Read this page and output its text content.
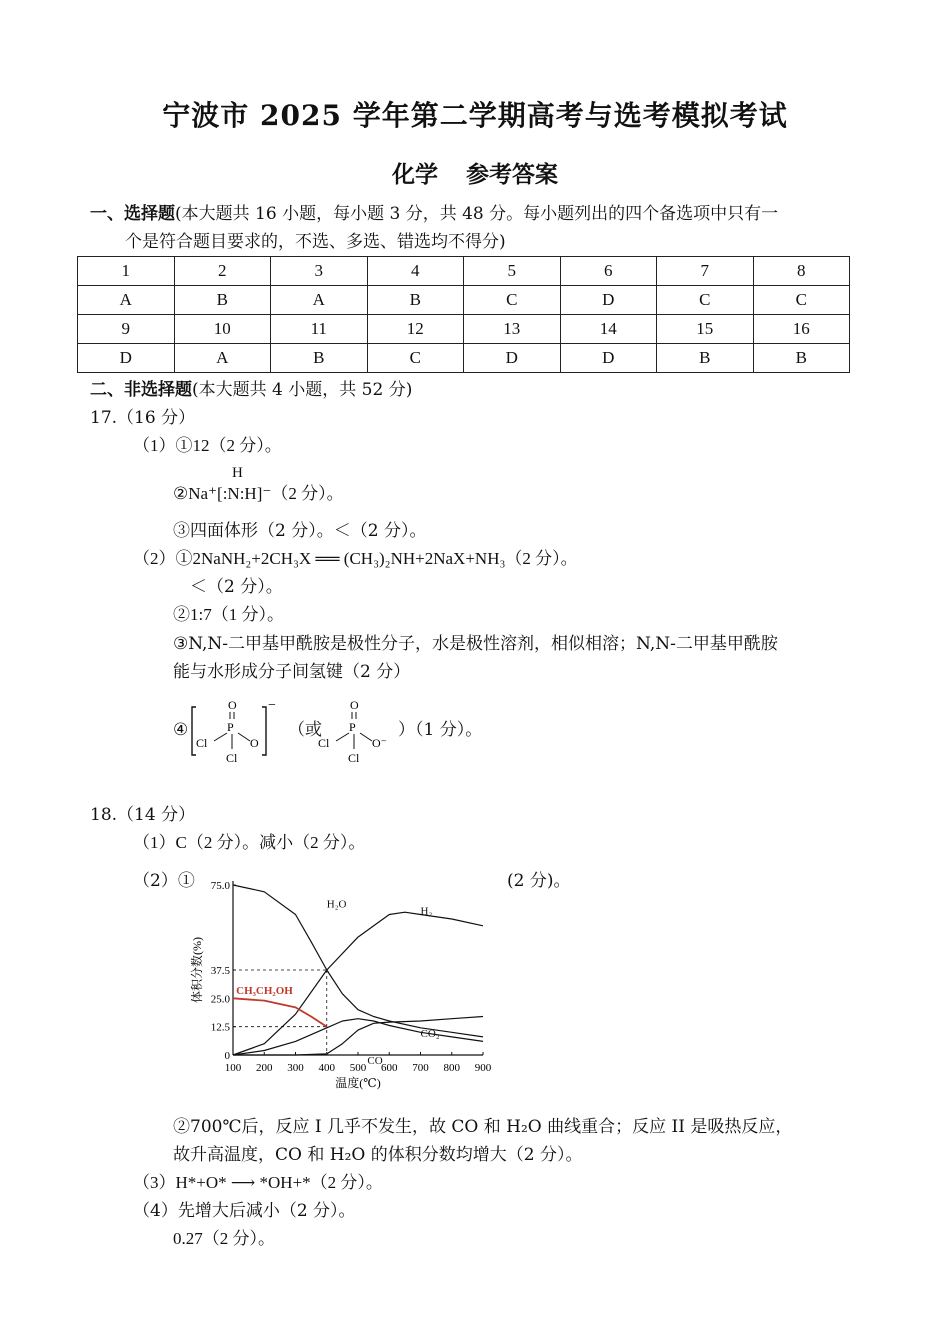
宁波市 2025 学年第二学期高考与选考模拟考试
化学 参考答案
一、选择题(本大题共 16 小题，每小题 3 分，共 48 分。每小题列出的四个备选项中只有一
个是符合题目要求的，不选、多选、错选均不得分)
1	2	3	4	5	6	7	8
A	B	A	B	C	D	C	C
9	10	11	12	13	14	15	16
D	A	B	C	D	D	B	B
二、非选择题(本大题共 4 小题，共 52 分)
17.（16 分）
（1）①12（2 分）。
H
②Na⁺[:N:H]⁻（2 分）。
③四面体形（2 分）。＜（2 分）。
（2）①2NaNH₂+2CH₃X ══ (CH₃)₂NH+2NaX+NH₃（2 分）。
＜（2 分）。
②1:7（1 分）。
③N,N-二甲基甲酰胺是极性分子，水是极性溶剂，相似相溶；N,N-二甲基甲酰胺
能与水形成分子间氢键（2 分）
④
O
P
Cl	O
Cl
−
（或
O
P
Cl	O⁻
Cl
）（1 分）。
18.（14 分）
（1）C（2 分）。减小（2 分）。
（2）①	(2 分)。
100 200 300 400 500 600 700 800 900
0
12.5
25.0
37.5
75.0
温度(℃)
体积分数(%)
H₂O
H₂
CH₃CH₂OH
CO
CO₂
②700℃后，反应 I 几乎不发生，故 CO 和 H₂O 曲线重合；反应 II 是吸热反应，
故升高温度，CO 和 H₂O 的体积分数均增大（2 分）。
（3）H*+O* ⟶ *OH+*（2 分）。
（4）先增大后减小（2 分）。
0.27（2 分）。
